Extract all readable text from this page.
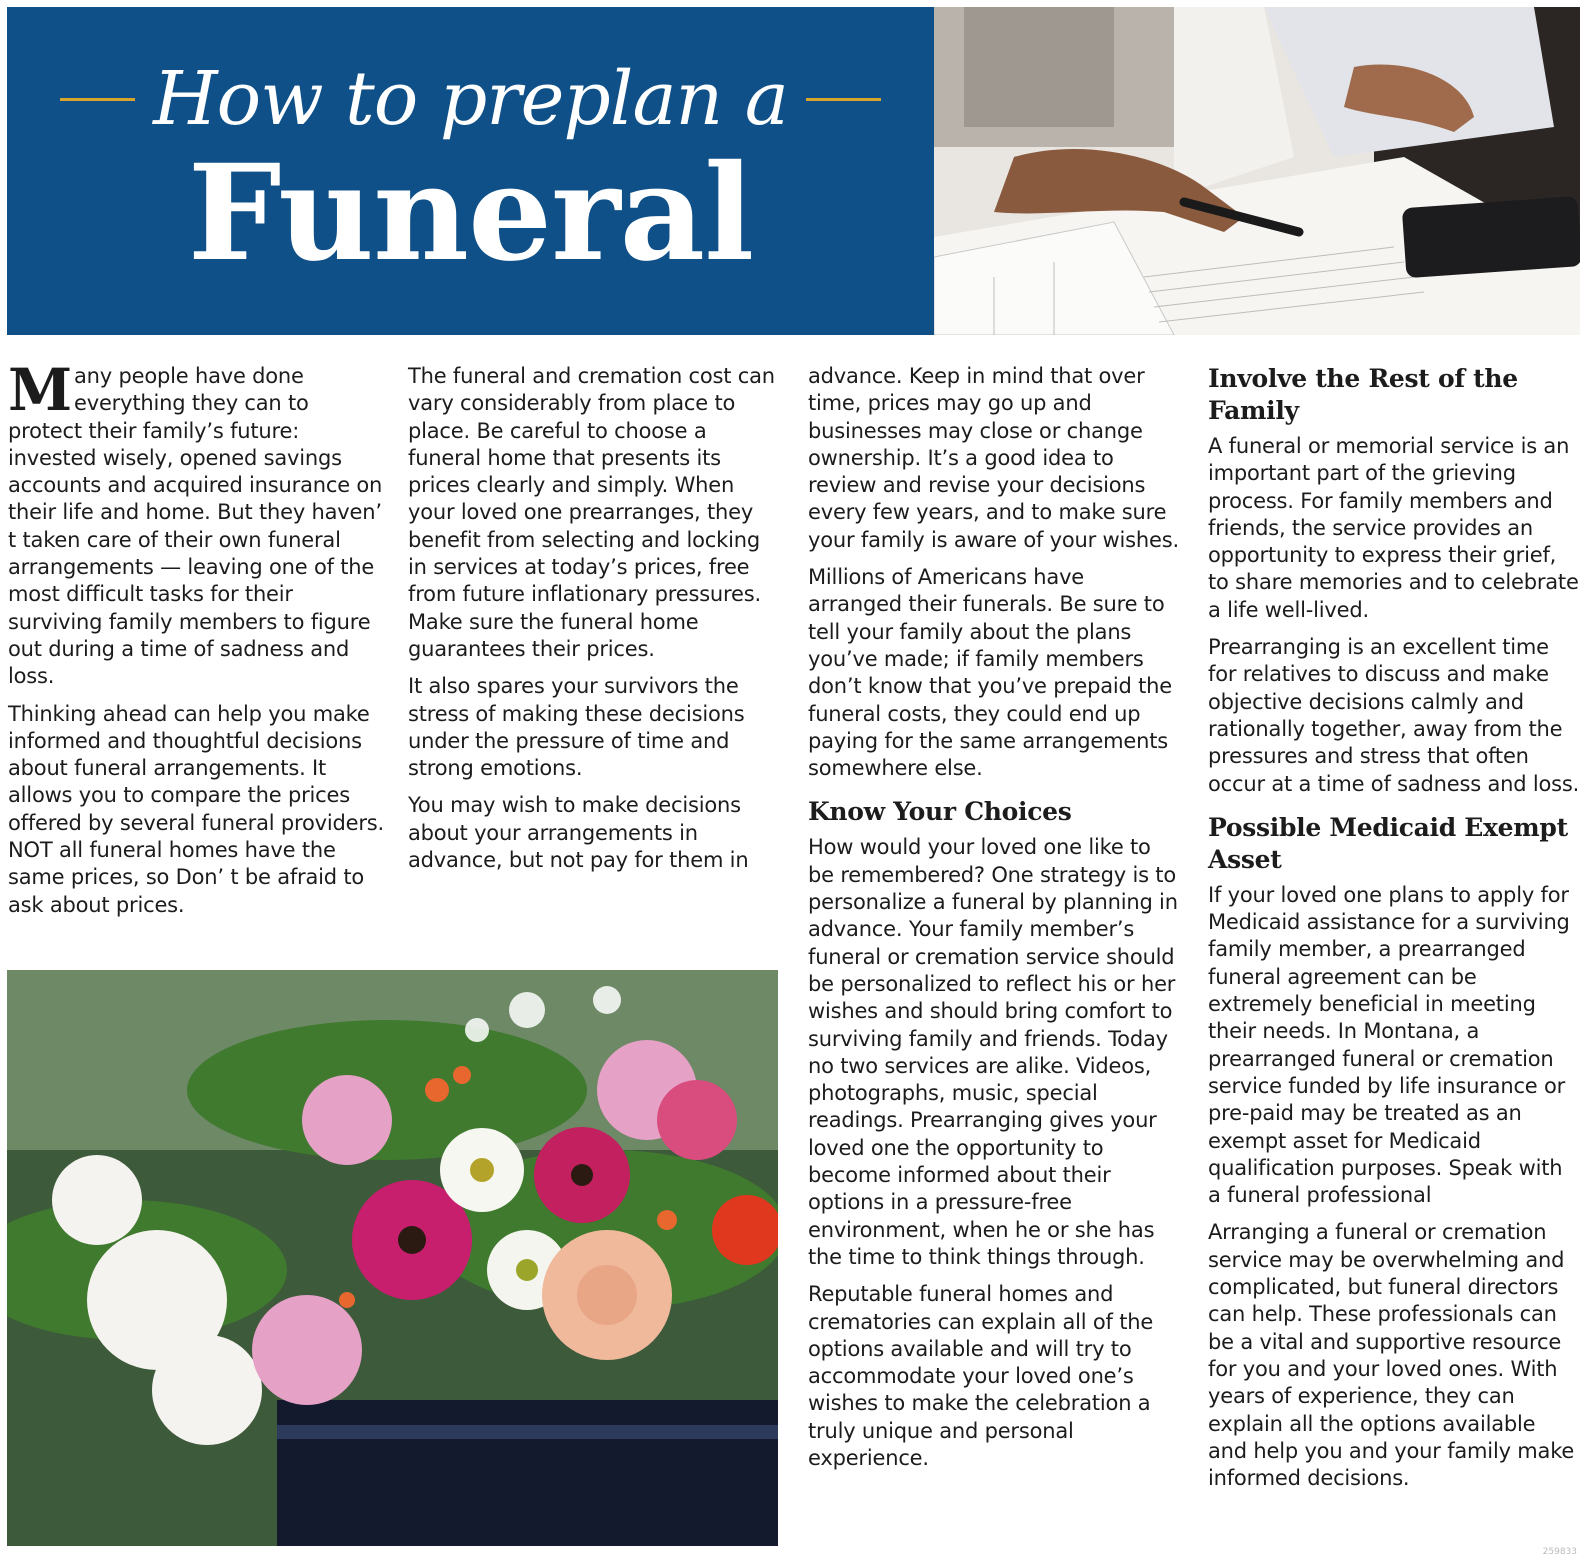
How to preplan a
Funeral

Many people have done everything they can to protect their family’s future: invested wisely, opened savings accounts and acquired insurance on their life and home. But they haven’ t taken care of their own funeral arrangements — leaving one of the most difficult tasks for their surviving family members to figure out during a time of sadness and loss.

Thinking ahead can help you make informed and thoughtful decisions about funeral arrangements. It allows you to compare the prices offered by several funeral providers. NOT all funeral homes have the same prices, so Don’ t be afraid to ask about prices.

The funeral and cremation cost can vary considerably from place to place. Be careful to choose a funeral home that presents its prices clearly and simply. When your loved one prearranges, they benefit from selecting and locking in services at today’s prices, free from future inflationary pressures. Make sure the funeral home guarantees their prices.

It also spares your survivors the stress of making these decisions under the pressure of time and strong emotions.

You may wish to make decisions about your arrangements in advance, but not pay for them in

advance. Keep in mind that over time, prices may go up and businesses may close or change ownership. It’s a good idea to review and revise your decisions every few years, and to make sure your family is aware of your wishes.

Millions of Americans have arranged their funerals. Be sure to tell your family about the plans you’ve made; if family members don’t know that you’ve prepaid the funeral costs, they could end up paying for the same arrangements somewhere else.

Know Your Choices

How would your loved one like to be remembered? One strategy is to personalize a funeral by planning in advance. Your family member’s funeral or cremation service should be personalized to reflect his or her wishes and should bring comfort to surviving family and friends. Today no two services are alike. Videos, photographs, music, special readings. Prearranging gives your loved one the opportunity to become informed about their options in a pressure-free environment, when he or she has the time to think things through.

Reputable funeral homes and crematories can explain all of the options available and will try to accommodate your loved one’s wishes to make the celebration a truly unique and personal experience.

Involve the Rest of the Family

A funeral or memorial service is an important part of the grieving process. For family members and friends, the service provides an opportunity to express their grief, to share memories and to celebrate a life well-lived.

Prearranging is an excellent time for relatives to discuss and make objective decisions calmly and rationally together, away from the pressures and stress that often occur at a time of sadness and loss.

Possible Medicaid Exempt Asset

If your loved one plans to apply for Medicaid assistance for a surviving family member, a prearranged funeral agreement can be extremely beneficial in meeting their needs. In Montana, a prearranged funeral or cremation service funded by life insurance or pre-paid may be treated as an exempt asset for Medicaid qualification purposes. Speak with a funeral professional

Arranging a funeral or cremation service may be overwhelming and complicated, but funeral directors can help. These professionals can be a vital and supportive resource for you and your loved ones. With years of experience, they can explain all the options available and help you and your family make informed decisions.

259833
